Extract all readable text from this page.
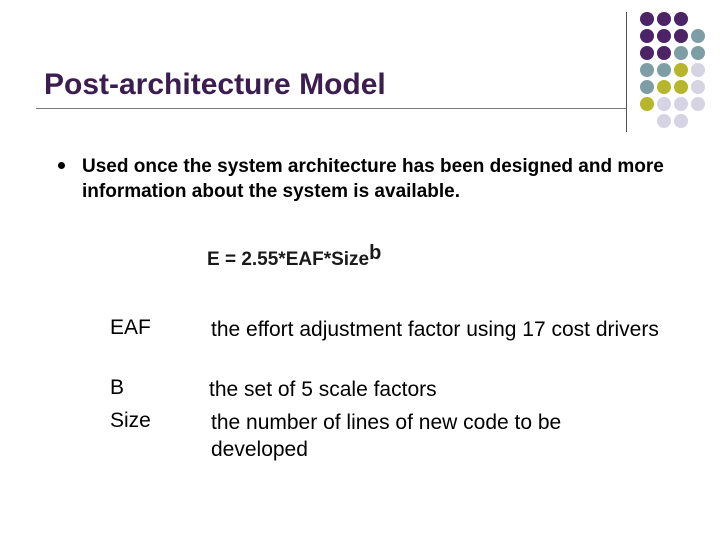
Post-architecture Model
Used once the system architecture has been designed and more information about the system is available.
E = 2.55*EAF*Size$^b$
EAF	the effort adjustment factor using 17 cost drivers
B	the set of 5 scale factors
Size	the number of lines of new code to be developed
